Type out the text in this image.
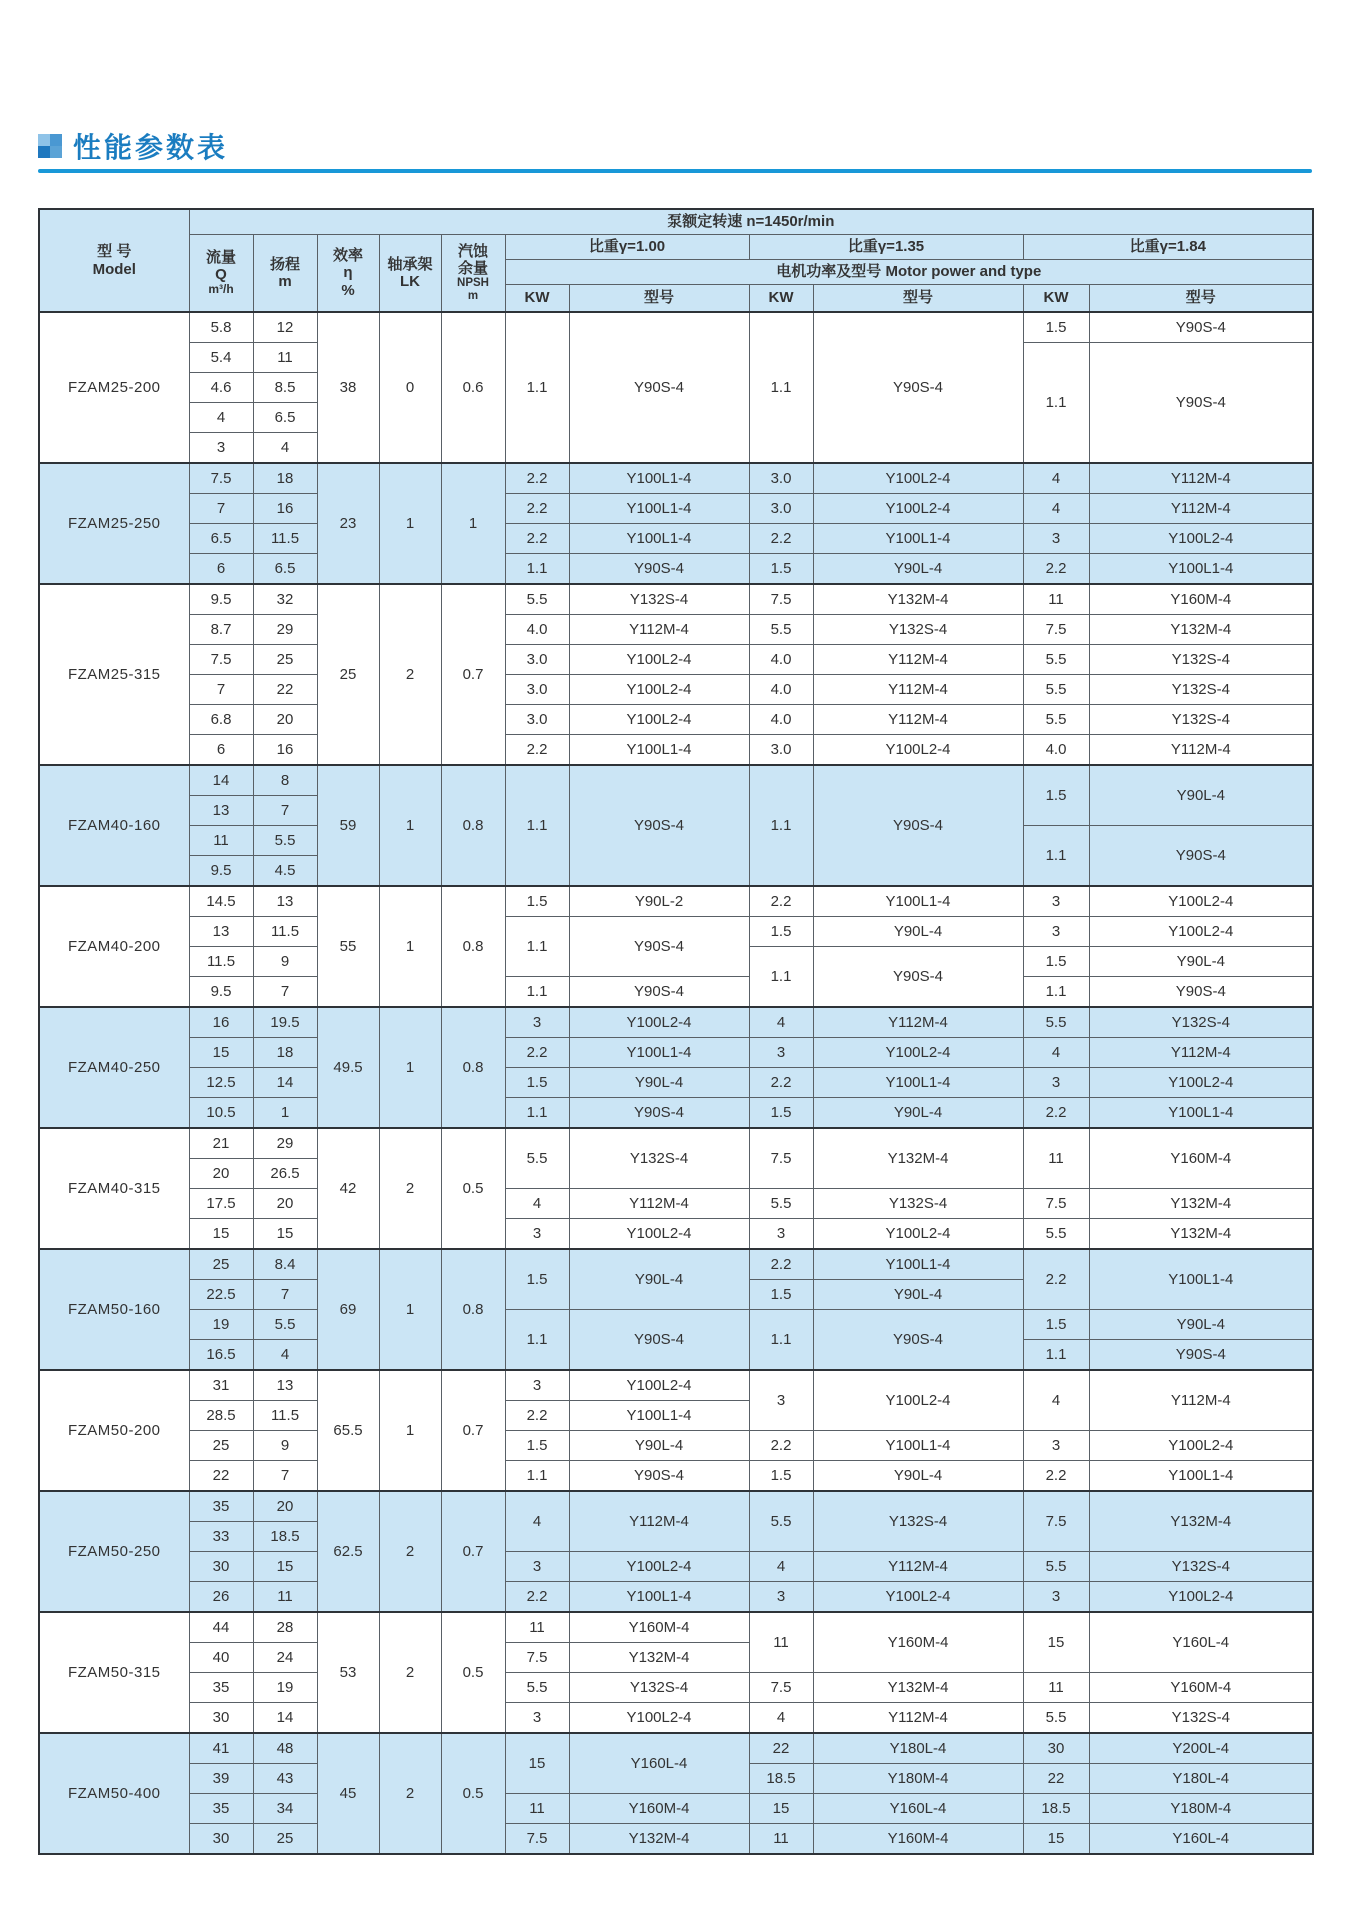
性能参数表
型 号
Model	泵额定转速 n=1450r/min										

流量
Q
m³/h

扬程
m

效率
η
%

轴承架
LK

汽蚀
余量
NPSH
m
	比重γ=1.00	比重γ=1.35	比重γ=1.84
						电机功率及型号 Motor power and type					
						KW	型号	KW	型号	KW	型号
FZAM25-200	5.8	12	38	0	0.6	1.1	Y90S-4	1.1	Y90S-4	1.5	Y90S-4
	5.4	11								1.1	Y90S-4
	4.6	8.5									
	4	6.5									
	3	4									
FZAM25-250	7.5	18	23	1	1	2.2	Y100L1-4	3.0	Y100L2-4	4	Y112M-4
	7	16				2.2	Y100L1-4	3.0	Y100L2-4	4	Y112M-4
	6.5	11.5				2.2	Y100L1-4	2.2	Y100L1-4	3	Y100L2-4
	6	6.5				1.1	Y90S-4	1.5	Y90L-4	2.2	Y100L1-4
FZAM25-315	9.5	32	25	2	0.7	5.5	Y132S-4	7.5	Y132M-4	11	Y160M-4
	8.7	29				4.0	Y112M-4	5.5	Y132S-4	7.5	Y132M-4
	7.5	25				3.0	Y100L2-4	4.0	Y112M-4	5.5	Y132S-4
	7	22				3.0	Y100L2-4	4.0	Y112M-4	5.5	Y132S-4
	6.8	20				3.0	Y100L2-4	4.0	Y112M-4	5.5	Y132S-4
	6	16				2.2	Y100L1-4	3.0	Y100L2-4	4.0	Y112M-4
FZAM40-160	14	8	59	1	0.8	1.1	Y90S-4	1.1	Y90S-4	1.5	Y90L-4
	13	7									
	11	5.5								1.1	Y90S-4
	9.5	4.5									
FZAM40-200	14.5	13	55	1	0.8	1.5	Y90L-2	2.2	Y100L1-4	3	Y100L2-4
	13	11.5				1.1	Y90S-4	1.5	Y90L-4	3	Y100L2-4
	11.5	9						1.1	Y90S-4	1.5	Y90L-4
	9.5	7				1.1	Y90S-4			1.1	Y90S-4
FZAM40-250	16	19.5	49.5	1	0.8	3	Y100L2-4	4	Y112M-4	5.5	Y132S-4
	15	18				2.2	Y100L1-4	3	Y100L2-4	4	Y112M-4
	12.5	14				1.5	Y90L-4	2.2	Y100L1-4	3	Y100L2-4
	10.5	1				1.1	Y90S-4	1.5	Y90L-4	2.2	Y100L1-4
FZAM40-315	21	29	42	2	0.5	5.5	Y132S-4	7.5	Y132M-4	11	Y160M-4
	20	26.5									
	17.5	20				4	Y112M-4	5.5	Y132S-4	7.5	Y132M-4
	15	15				3	Y100L2-4	3	Y100L2-4	5.5	Y132M-4
FZAM50-160	25	8.4	69	1	0.8	1.5	Y90L-4	2.2	Y100L1-4	2.2	Y100L1-4
	22.5	7						1.5	Y90L-4		
	19	5.5				1.1	Y90S-4	1.1	Y90S-4	1.5	Y90L-4
	16.5	4								1.1	Y90S-4
FZAM50-200	31	13	65.5	1	0.7	3	Y100L2-4	3	Y100L2-4	4	Y112M-4
	28.5	11.5				2.2	Y100L1-4				
	25	9				1.5	Y90L-4	2.2	Y100L1-4	3	Y100L2-4
	22	7				1.1	Y90S-4	1.5	Y90L-4	2.2	Y100L1-4
FZAM50-250	35	20	62.5	2	0.7	4	Y112M-4	5.5	Y132S-4	7.5	Y132M-4
	33	18.5									
	30	15				3	Y100L2-4	4	Y112M-4	5.5	Y132S-4
	26	11				2.2	Y100L1-4	3	Y100L2-4	3	Y100L2-4
FZAM50-315	44	28	53	2	0.5	11	Y160M-4	11	Y160M-4	15	Y160L-4
	40	24				7.5	Y132M-4				
	35	19				5.5	Y132S-4	7.5	Y132M-4	11	Y160M-4
	30	14				3	Y100L2-4	4	Y112M-4	5.5	Y132S-4
FZAM50-400	41	48	45	2	0.5	15	Y160L-4	22	Y180L-4	30	Y200L-4
	39	43						18.5	Y180M-4	22	Y180L-4
	35	34				11	Y160M-4	15	Y160L-4	18.5	Y180M-4
	30	25				7.5	Y132M-4	11	Y160M-4	15	Y160L-4
